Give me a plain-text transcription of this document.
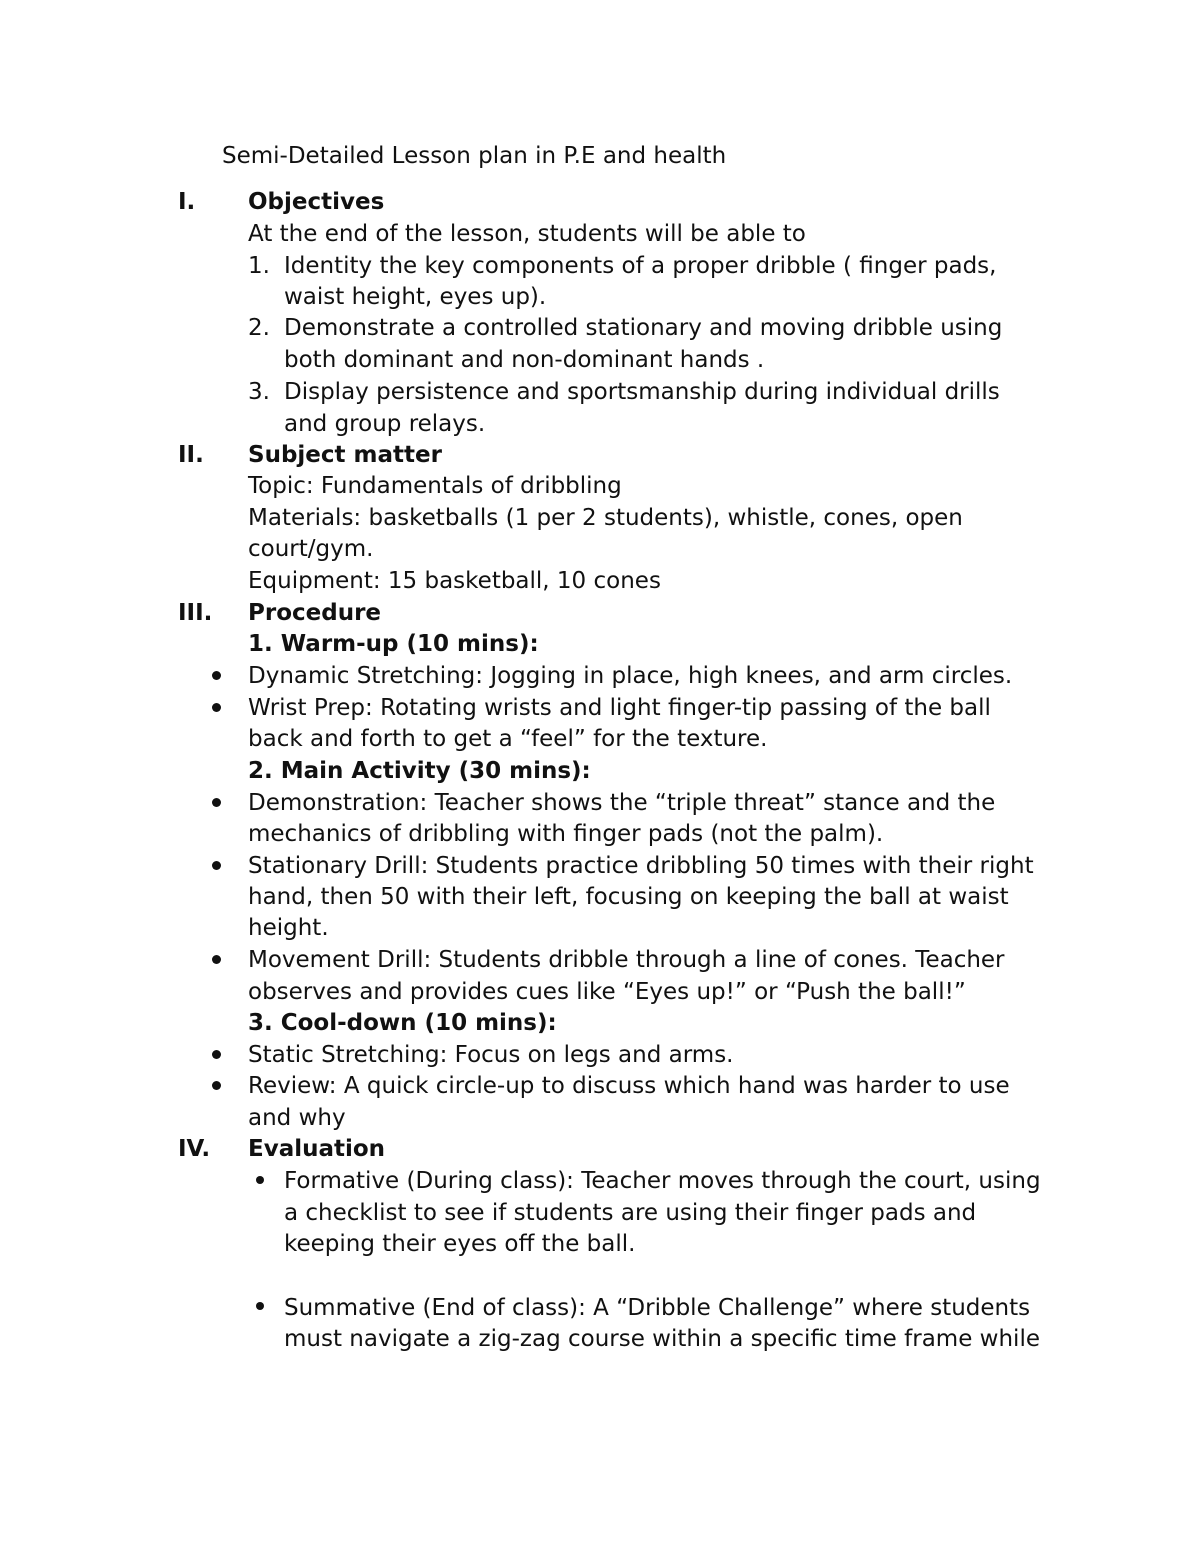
Semi-Detailed Lesson plan in P.E and health
I. Objectives
At the end of the lesson, students will be able to
1. Identity the key components of a proper dribble ( finger pads,
waist height, eyes up).
2. Demonstrate a controlled stationary and moving dribble using
both dominant and non-dominant hands .
3. Display persistence and sportsmanship during individual drills
and group relays.
II. Subject matter
Topic: Fundamentals of dribbling
Materials: basketballs (1 per 2 students), whistle, cones, open
court/gym.
Equipment: 15 basketball, 10 cones
III. Procedure
1. Warm-up (10 mins):
Dynamic Stretching: Jogging in place, high knees, and arm circles.
Wrist Prep: Rotating wrists and light finger-tip passing of the ball
back and forth to get a “feel” for the texture.
2. Main Activity (30 mins):
Demonstration: Teacher shows the “triple threat” stance and the
mechanics of dribbling with finger pads (not the palm).
Stationary Drill: Students practice dribbling 50 times with their right
hand, then 50 with their left, focusing on keeping the ball at waist
height.
Movement Drill: Students dribble through a line of cones. Teacher
observes and provides cues like “Eyes up!” or “Push the ball!”
3. Cool-down (10 mins):
Static Stretching: Focus on legs and arms.
Review: A quick circle-up to discuss which hand was harder to use
and why
IV. Evaluation
Formative (During class): Teacher moves through the court, using
a checklist to see if students are using their finger pads and
keeping their eyes off the ball.
Summative (End of class): A “Dribble Challenge” where students
must navigate a zig-zag course within a specific time frame while
